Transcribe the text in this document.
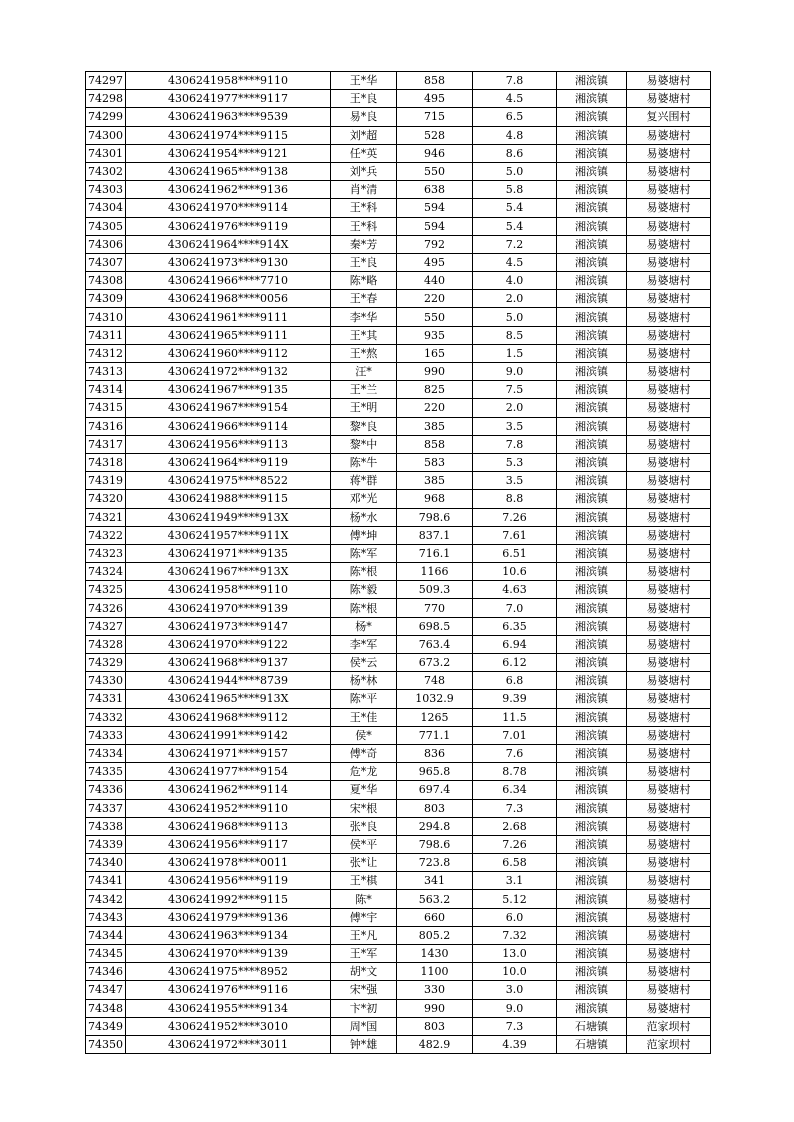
74297	4306241958****9110	王*华	858	7.8	湘滨镇	易婆塘村
74298	4306241977****9117	王*良	495	4.5	湘滨镇	易婆塘村
74299	4306241963****9539	易*良	715	6.5	湘滨镇	复兴围村
74300	4306241974****9115	刘*超	528	4.8	湘滨镇	易婆塘村
74301	4306241954****9121	任*英	946	8.6	湘滨镇	易婆塘村
74302	4306241965****9138	刘*兵	550	5.0	湘滨镇	易婆塘村
74303	4306241962****9136	肖*清	638	5.8	湘滨镇	易婆塘村
74304	4306241970****9114	王*科	594	5.4	湘滨镇	易婆塘村
74305	4306241976****9119	王*科	594	5.4	湘滨镇	易婆塘村
74306	4306241964****914X	秦*芳	792	7.2	湘滨镇	易婆塘村
74307	4306241973****9130	王*良	495	4.5	湘滨镇	易婆塘村
74308	4306241966****7710	陈*略	440	4.0	湘滨镇	易婆塘村
74309	4306241968****0056	王*春	220	2.0	湘滨镇	易婆塘村
74310	4306241961****9111	李*华	550	5.0	湘滨镇	易婆塘村
74311	4306241965****9111	王*其	935	8.5	湘滨镇	易婆塘村
74312	4306241960****9112	王*熬	165	1.5	湘滨镇	易婆塘村
74313	4306241972****9132	汪*	990	9.0	湘滨镇	易婆塘村
74314	4306241967****9135	王*兰	825	7.5	湘滨镇	易婆塘村
74315	4306241967****9154	王*明	220	2.0	湘滨镇	易婆塘村
74316	4306241966****9114	黎*良	385	3.5	湘滨镇	易婆塘村
74317	4306241956****9113	黎*中	858	7.8	湘滨镇	易婆塘村
74318	4306241964****9119	陈*牛	583	5.3	湘滨镇	易婆塘村
74319	4306241975****8522	蒋*群	385	3.5	湘滨镇	易婆塘村
74320	4306241988****9115	邓*光	968	8.8	湘滨镇	易婆塘村
74321	4306241949****913X	杨*水	798.6	7.26	湘滨镇	易婆塘村
74322	4306241957****911X	傅*坤	837.1	7.61	湘滨镇	易婆塘村
74323	4306241971****9135	陈*军	716.1	6.51	湘滨镇	易婆塘村
74324	4306241967****913X	陈*根	1166	10.6	湘滨镇	易婆塘村
74325	4306241958****9110	陈*毅	509.3	4.63	湘滨镇	易婆塘村
74326	4306241970****9139	陈*根	770	7.0	湘滨镇	易婆塘村
74327	4306241973****9147	杨*	698.5	6.35	湘滨镇	易婆塘村
74328	4306241970****9122	李*军	763.4	6.94	湘滨镇	易婆塘村
74329	4306241968****9137	侯*云	673.2	6.12	湘滨镇	易婆塘村
74330	4306241944****8739	杨*林	748	6.8	湘滨镇	易婆塘村
74331	4306241965****913X	陈*平	1032.9	9.39	湘滨镇	易婆塘村
74332	4306241968****9112	王*佳	1265	11.5	湘滨镇	易婆塘村
74333	4306241991****9142	侯*	771.1	7.01	湘滨镇	易婆塘村
74334	4306241971****9157	傅*奇	836	7.6	湘滨镇	易婆塘村
74335	4306241977****9154	危*龙	965.8	8.78	湘滨镇	易婆塘村
74336	4306241962****9114	夏*华	697.4	6.34	湘滨镇	易婆塘村
74337	4306241952****9110	宋*根	803	7.3	湘滨镇	易婆塘村
74338	4306241968****9113	张*良	294.8	2.68	湘滨镇	易婆塘村
74339	4306241956****9117	侯*平	798.6	7.26	湘滨镇	易婆塘村
74340	4306241978****0011	张*让	723.8	6.58	湘滨镇	易婆塘村
74341	4306241956****9119	王*棋	341	3.1	湘滨镇	易婆塘村
74342	4306241992****9115	陈*	563.2	5.12	湘滨镇	易婆塘村
74343	4306241979****9136	傅*宇	660	6.0	湘滨镇	易婆塘村
74344	4306241963****9134	王*凡	805.2	7.32	湘滨镇	易婆塘村
74345	4306241970****9139	王*军	1430	13.0	湘滨镇	易婆塘村
74346	4306241975****8952	胡*文	1100	10.0	湘滨镇	易婆塘村
74347	4306241976****9116	宋*强	330	3.0	湘滨镇	易婆塘村
74348	4306241955****9134	卞*初	990	9.0	湘滨镇	易婆塘村
74349	4306241952****3010	周*国	803	7.3	石塘镇	范家坝村
74350	4306241972****3011	钟*雄	482.9	4.39	石塘镇	范家坝村
